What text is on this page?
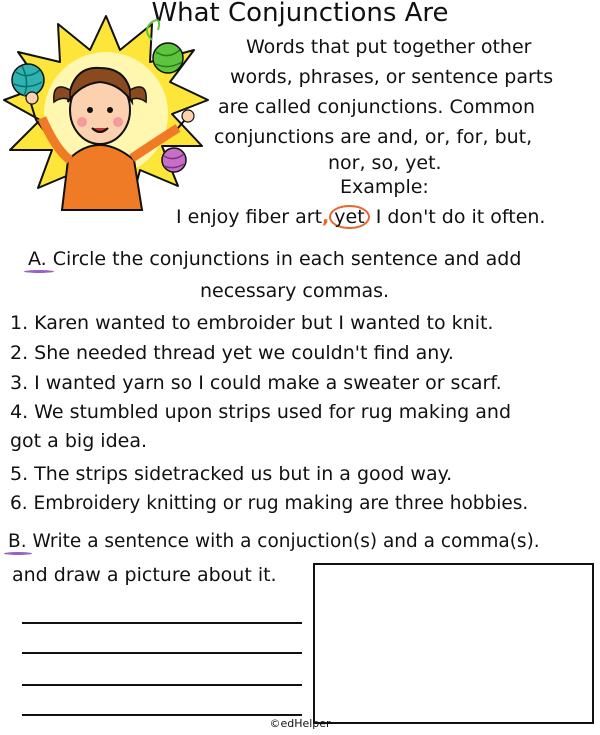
What Conjunctions Are
Words that put together other
words, phrases, or sentence parts
are called conjunctions. Common
conjunctions are and, or, for, but,
nor, so, yet.
Example:
I enjoy fiber art, yet I don't do it often.
A. Circle the conjunctions in each sentence and add
necessary commas.
1. Karen wanted to embroider but I wanted to knit.
2. She needed thread yet we couldn't find any.
3. I wanted yarn so I could make a sweater or scarf.
4. We stumbled upon strips used for rug making and
got a big idea.
5. The strips sidetracked us but in a good way.
6. Embroidery knitting or rug making are three hobbies.
B. Write a sentence with a conjuction(s) and a comma(s).
and draw a picture about it.
©edHelper
